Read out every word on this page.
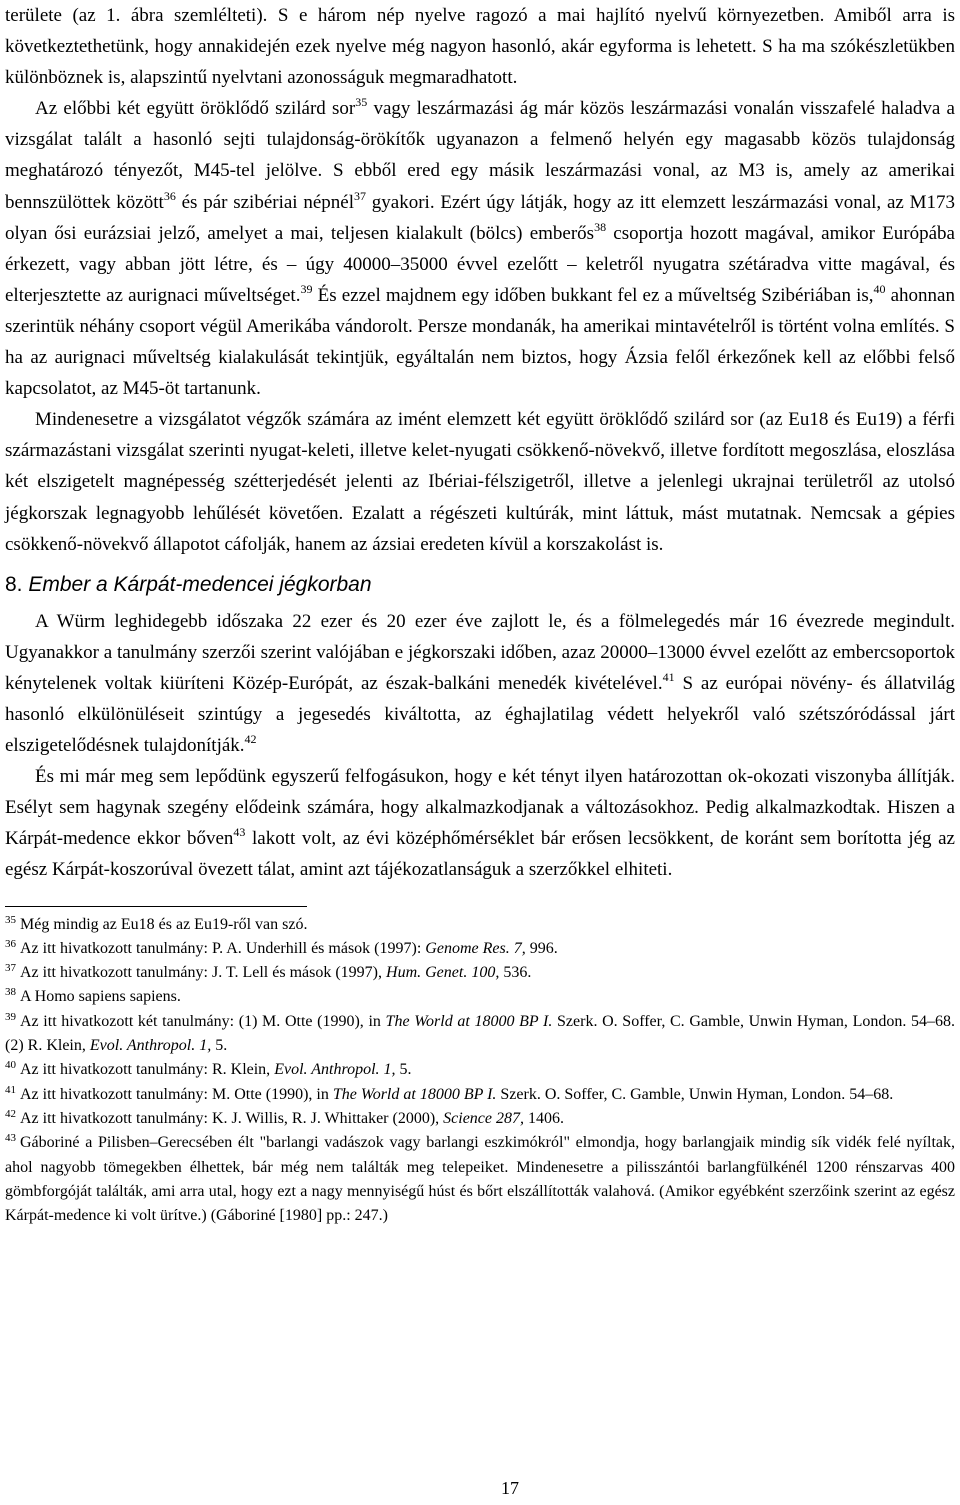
területe (az 1. ábra szemlélteti). S e három nép nyelve ragozó a mai hajlító nyelvű környezetben. Amiből arra is következtethetünk, hogy annakidején ezek nyelve még nagyon hasonló, akár egyforma is lehetett. S ha ma szókészletükben különböznek is, alapszintű nyelvtani azonosságuk megmaradhatott.

Az előbbi két együtt öröklődő szilárd sor$^{35}$ vagy leszármazási ág már közös leszármazási vonalán visszafelé haladva a vizsgálat talált a hasonló sejti tulajdonság-örökítők ugyanazon a felmenő helyén egy magasabb közös tulajdonság meghatározó tényezőt, M45-tel jelölve. S ebből ered egy másik leszármazási vonal, az M3 is, amely az amerikai bennszülöttek között$^{36}$ és pár szibériai népnél$^{37}$ gyakori. Ezért úgy látják, hogy az itt elemzett leszármazási vonal, az M173 olyan ősi eurázsiai jelző, amelyet a mai, teljesen kialakult (bölcs) emberős$^{38}$ csoportja hozott magával, amikor Európába érkezett, vagy abban jött létre, és – úgy 40000–35000 évvel ezelőtt – keletről nyugatra szétáradva vitte magával, és elterjesztette az aurignaci műveltséget.$^{39}$ És ezzel majdnem egy időben bukkant fel ez a műveltség Szibériában is,$^{40}$ ahonnan szerintük néhány csoport végül Amerikába vándorolt. Persze mondanák, ha amerikai mintavételről is történt volna említés. S ha az aurignaci műveltség kialakulását tekintjük, egyáltalán nem biztos, hogy Ázsia felől érkezőnek kell az előbbi felső kapcsolatot, az M45-öt tartanunk.

Mindenesetre a vizsgálatot végzők számára az imént elemzett két együtt öröklődő szilárd sor (az Eu18 és Eu19) a férfi származástani vizsgálat szerinti nyugat-keleti, illetve kelet-nyugati csökkenő-növekvő, illetve fordított megoszlása, eloszlása két elszigetelt magnépesség szétterjedését jelenti az Ibériai-félszigetről, illetve a jelenlegi ukrajnai területről az utolsó jégkorszak legnagyobb lehűlését követően. Ezalatt a régészeti kultúrák, mint láttuk, mást mutatnak. Nemcsak a gépies csökkenő-növekvő állapotot cáfolják, hanem az ázsiai eredeten kívül a korszakolást is.

8. Ember a Kárpát-medencei jégkorban

A Würm leghidegebb időszaka 22 ezer és 20 ezer éve zajlott le, és a fölmelegedés már 16 évezrede megindult. Ugyanakkor a tanulmány szerzői szerint valójában e jégkorszaki időben, azaz 20000–13000 évvel ezelőtt az embercsoportok kénytelenek voltak kiüríteni Közép-Európát, az észak-balkáni menedék kivételével.$^{41}$ S az európai növény- és állatvilág hasonló elkülönüléseit szintúgy a jegesedés kiváltotta, az éghajlatilag védett helyekről való szétszóródással járt elszigetelődésnek tulajdonítják.$^{42}$

És mi már meg sem lepődünk egyszerű felfogásukon, hogy e két tényt ilyen határozottan ok-okozati viszonyba állítják. Esélyt sem hagynak szegény elődeink számára, hogy alkalmazkodjanak a változásokhoz. Pedig alkalmazkodtak. Hiszen a Kárpát-medence ekkor bőven$^{43}$ lakott volt, az évi középhőmérséklet bár erősen lecsökkent, de koránt sem borította jég az egész Kárpát-koszorúval övezett tálat, amint azt tájékozatlanságuk a szerzőkkel elhiteti.

$^{35}$ Még mindig az Eu18 és az Eu19-ről van szó.

$^{36}$ Az itt hivatkozott tanulmány: P. A. Underhill és mások (1997): Genome Res. 7, 996.

$^{37}$ Az itt hivatkozott tanulmány: J. T. Lell és mások (1997), Hum. Genet. 100, 536.

$^{38}$ A Homo sapiens sapiens.

$^{39}$ Az itt hivatkozott két tanulmány: (1) M. Otte (1990), in The World at 18000 BP I. Szerk. O. Soffer, C. Gamble, Unwin Hyman, London. 54–68. (2) R. Klein, Evol. Anthropol. 1, 5.

$^{40}$ Az itt hivatkozott tanulmány: R. Klein, Evol. Anthropol. 1, 5.

$^{41}$ Az itt hivatkozott tanulmány: M. Otte (1990), in The World at 18000 BP I. Szerk. O. Soffer, C. Gamble, Unwin Hyman, London. 54–68.

$^{42}$ Az itt hivatkozott tanulmány: K. J. Willis, R. J. Whittaker (2000), Science 287, 1406.

$^{43}$ Gáboriné a Pilisben–Gerecsében élt "barlangi vadászok vagy barlangi eszkimókról" elmondja, hogy barlangjaik mindig sík vidék felé nyíltak, ahol nagyobb tömegekben élhettek, bár még nem találták meg telepeiket. Mindenesetre a pilisszántói barlangfülkénél 1200 rénszarvas 400 gömbforgóját találták, ami arra utal, hogy ezt a nagy mennyiségű húst és bőrt elszállították valahová. (Amikor egyébként szerzőink szerint az egész Kárpát-medence ki volt ürítve.) (Gáboriné [1980] pp.: 247.)

17
